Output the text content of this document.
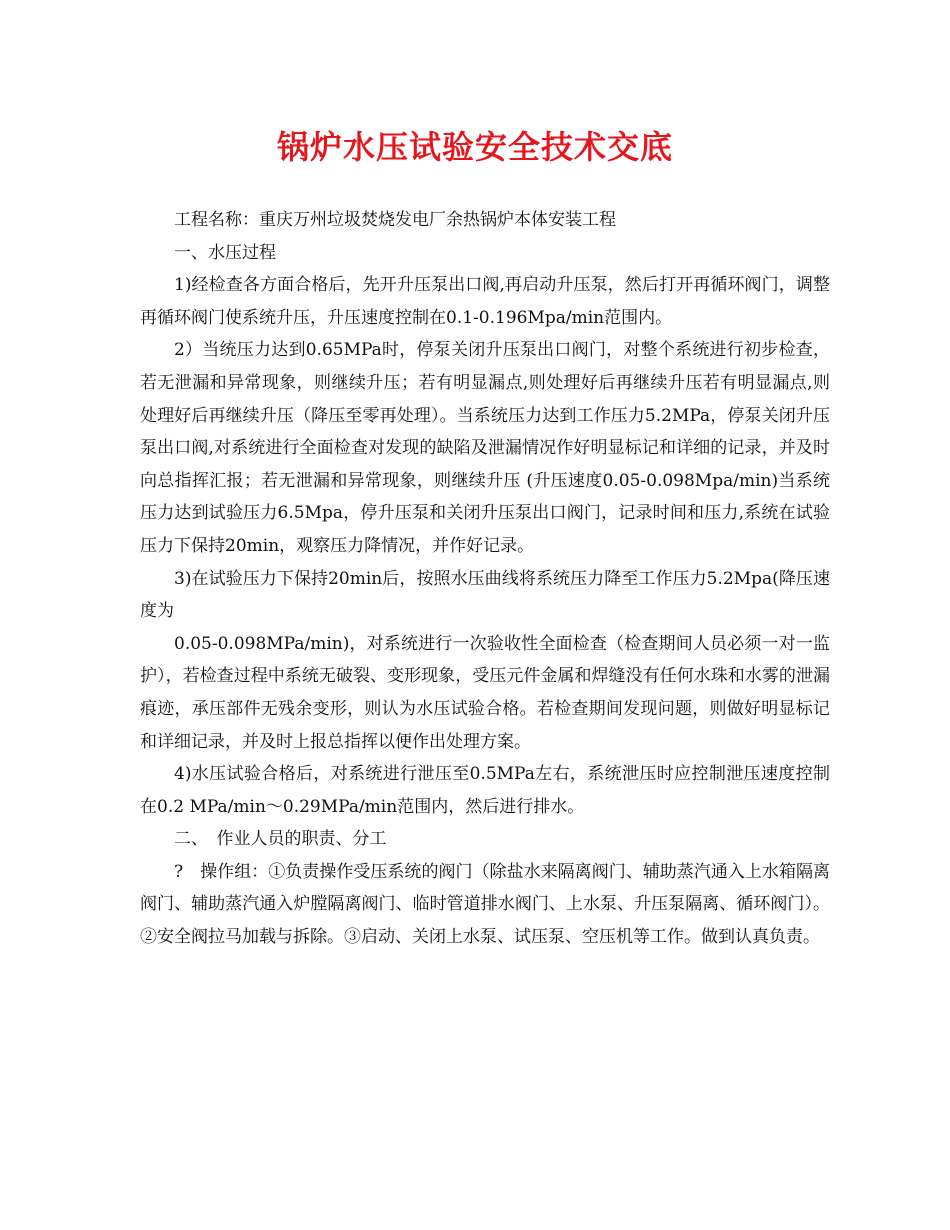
锅炉水压试验安全技术交底

工程名称：重庆万州垃圾焚烧发电厂余热锅炉本体安装工程

一、水压过程

1)经检查各方面合格后，先开升压泵出口阀,再启动升压泵，然后打开再循环阀门，调整再循环阀门使系统升压，升压速度控制在0.1-0.196Mpa/min范围内。

2）当统压力达到0.65MPa时，停泵关闭升压泵出口阀门，对整个系统进行初步检查，若无泄漏和异常现象，则继续升压；若有明显漏点,则处理好后再继续升压若有明显漏点,则处理好后再继续升压（降压至零再处理）。当系统压力达到工作压力5.2MPa，停泵关闭升压泵出口阀,对系统进行全面检查对发现的缺陷及泄漏情况作好明显标记和详细的记录，并及时向总指挥汇报；若无泄漏和异常现象，则继续升压 (升压速度0.05-0.098Mpa/min)当系统压力达到试验压力6.5Mpa，停升压泵和关闭升压泵出口阀门，记录时间和压力,系统在试验压力下保持20min，观察压力降情况，并作好记录。

3)在试验压力下保持20min后，按照水压曲线将系统压力降至工作压力5.2Mpa(降压速度为

0.05-0.098MPa/min)，对系统进行一次验收性全面检查（检查期间人员必须一对一监护），若检查过程中系统无破裂、变形现象，受压元件金属和焊缝没有任何水珠和水雾的泄漏痕迹，承压部件无残余变形，则认为水压试验合格。若检查期间发现问题，则做好明显标记和详细记录，并及时上报总指挥以便作出处理方案。

4)水压试验合格后，对系统进行泄压至0.5MPa左右，系统泄压时应控制泄压速度控制在0.2 MPa/min～0.29MPa/min范围内，然后进行排水。

二、　作业人员的职责、分工

?　操作组：①负责操作受压系统的阀门（除盐水来隔离阀门、辅助蒸汽通入上水箱隔离阀门、辅助蒸汽通入炉膛隔离阀门、临时管道排水阀门、上水泵、升压泵隔离、循环阀门）。②安全阀拉马加载与拆除。③启动、关闭上水泵、试压泵、空压机等工作。做到认真负责。
